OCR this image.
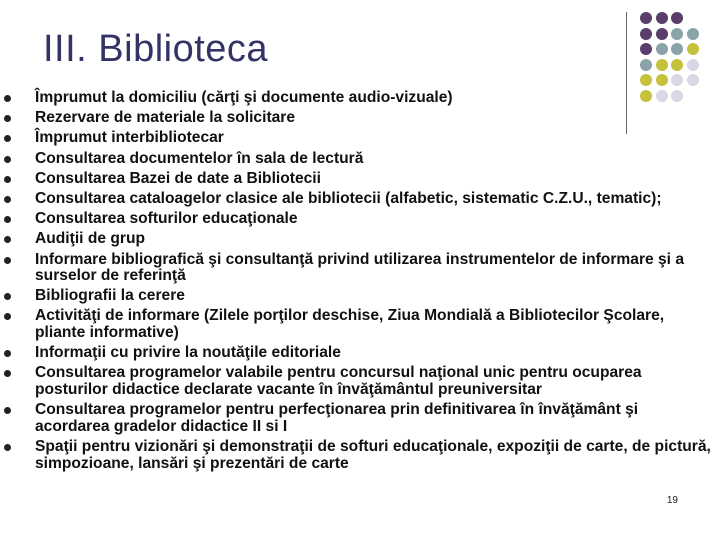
III. Biblioteca
Împrumut la domiciliu (cărţi şi documente audio-vizuale)
Rezervare de materiale la solicitare
Împrumut interbibliotecar
Consultarea documentelor în sala de lectură
Consultarea Bazei de date a Bibliotecii
Consultarea cataloagelor clasice ale bibliotecii (alfabetic, sistematic C.Z.U., tematic);
Consultarea softurilor educaţionale
Audiţii de grup
Informare bibliografică şi consultanţă privind utilizarea instrumentelor de informare şi a surselor de referinţă
Bibliografii la cerere
Activităţi de informare (Zilele porţilor deschise, Ziua Mondială a Bibliotecilor Şcolare, pliante informative)
Informaţii cu privire la noutăţile editoriale
Consultarea programelor valabile pentru concursul naţional unic pentru ocuparea posturilor didactice declarate vacante în învăţământul preuniversitar
Consultarea programelor pentru perfecţionarea prin definitivarea în învăţământ şi acordarea gradelor didactice II si I
Spaţii pentru vizionări şi demonstraţii de softuri educaţionale, expoziţii de carte, de pictură, simpozioane, lansări şi prezentări de carte
19
